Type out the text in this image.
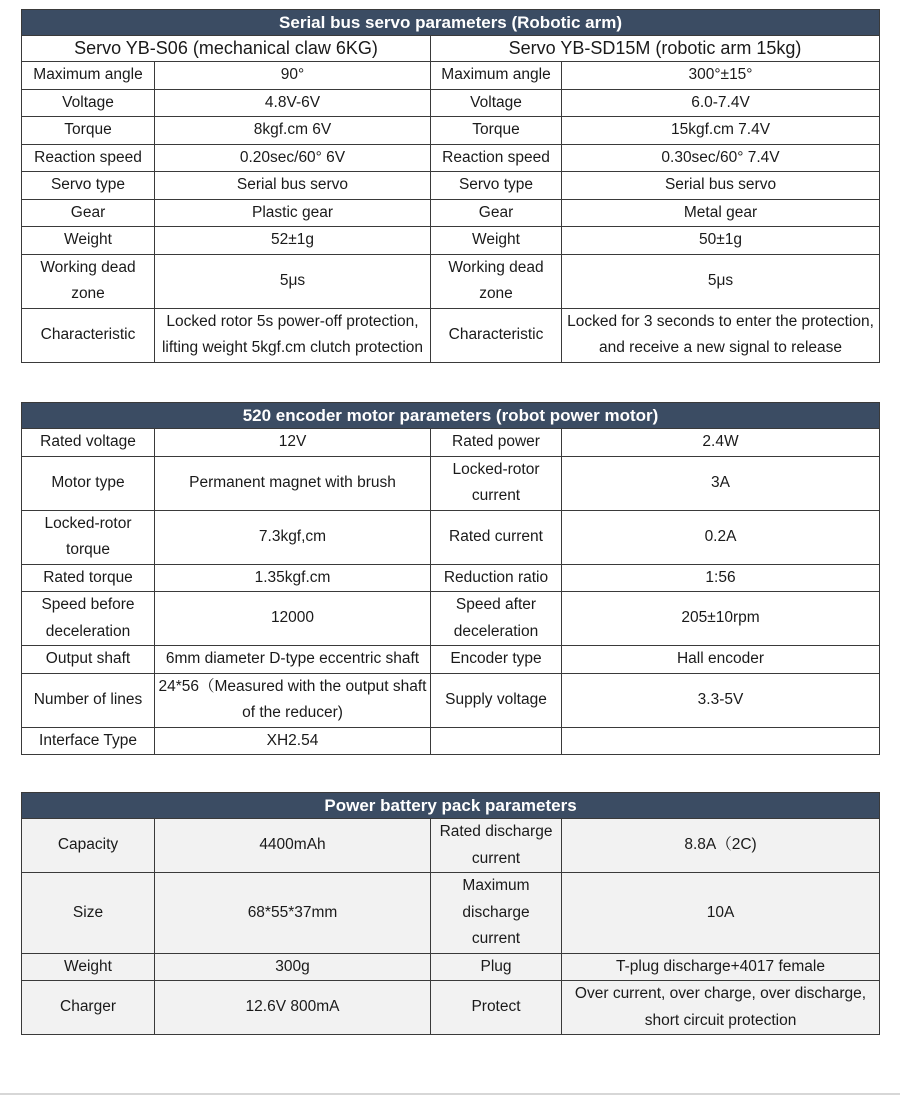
Serial bus servo parameters (Robotic arm)			
Servo YB-S06 (mechanical claw 6KG)		Servo YB-SD15M (robotic arm 15kg)	
Maximum angle	90°	Maximum angle	300°±15°
Voltage	4.8V-6V	Voltage	6.0-7.4V
Torque	8kgf.cm 6V	Torque	15kgf.cm 7.4V
Reaction speed	0.20sec/60° 6V	Reaction speed	0.30sec/60° 7.4V
Servo type	Serial bus servo	Servo type	Serial bus servo
Gear	Plastic gear	Gear	Metal gear
Weight	52±1g	Weight	50±1g
Working dead zone	5μs	Working dead zone	5μs
Characteristic	Locked rotor 5s power-off protection, lifting weight 5kgf.cm clutch protection	Characteristic	Locked for 3 seconds to enter the protection, and receive a new signal to release
520 encoder motor parameters (robot power motor)			
Rated voltage	12V	Rated power	2.4W
Motor type	Permanent magnet with brush	Locked-rotor current	3A
Locked-rotor torque	7.3kgf,cm	Rated current	0.2A
Rated torque	1.35kgf.cm	Reduction ratio	1:56
Speed before deceleration	12000	Speed after deceleration	205±10rpm
Output shaft	6mm diameter D-type eccentric shaft	Encoder type	Hall encoder
Number of lines	24*56（Measured with the output shaft of the reducer)	Supply voltage	3.3-5V
Interface Type	XH2.54		
Power battery pack parameters			
Capacity	4400mAh	Rated discharge current	8.8A（2C)
Size	68*55*37mm	Maximum discharge current	10A
Weight	300g	Plug	T-plug discharge+4017 female
Charger	12.6V 800mA	Protect	Over current, over charge, over discharge, short circuit protection
